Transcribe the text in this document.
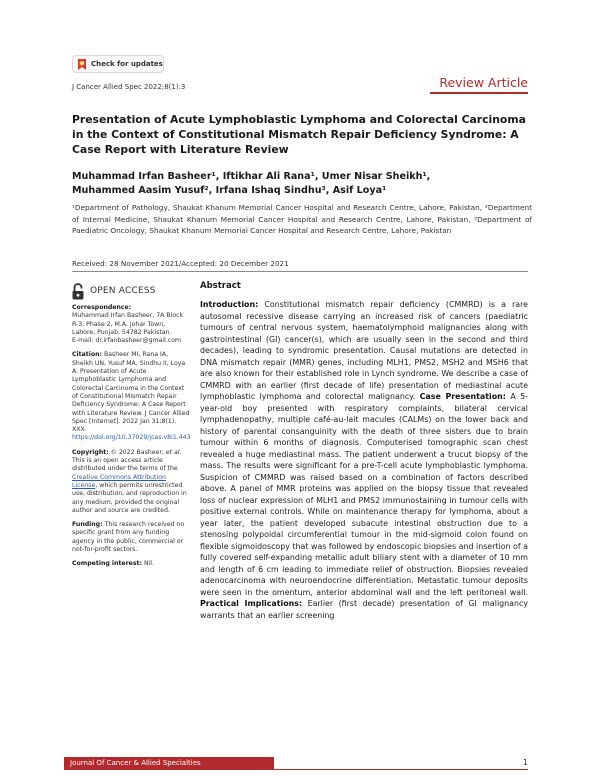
Check for updates
J Cancer Allied Spec 2022;8(1):3	Review Article
Presentation of Acute Lymphoblastic Lymphoma and Colorectal Carcinoma in the Context of Constitutional Mismatch Repair Deficiency Syndrome: A Case Report with Literature Review
Muhammad Irfan Basheer¹, Iftikhar Ali Rana¹, Umer Nisar Sheikh¹,
Muhammed Aasim Yusuf², Irfana Ishaq Sindhu³, Asif Loya¹
¹Department of Pathology, Shaukat Khanum Memorial Cancer Hospital and Research Centre, Lahore, Pakistan, ²Department of Internal Medicine, Shaukat Khanum Memorial Cancer Hospital and Research Centre, Lahore, Pakistan, ³Department of Paediatric Oncology, Shaukat Khanum Memorial Cancer Hospital and Research Centre, Lahore, Pakistan
Received: 28 November 2021/Accepted: 20 December 2021
OPEN ACCESS
Correspondence:
Muhammad Irfan Basheer, 7A Block R-3, Phase 2, M.A. Johar Town, Lahore, Punjab, 54782 Pakistan.
E-mail: dr.irfanbasheer@gmail.com
Citation: Basheer MI, Rana IA, Sheikh UN, Yusuf MA, Sindhu II, Loya A. Presentation of Acute Lymphoblastic Lymphoma and Colorectal Carcinoma in the Context of Constitutional Mismatch Repair Deficiency Syndrome: A Case Report with Literature Review. J Cancer Allied Spec [Internet]. 2022 Jan 31;8(1). XXX.
https://doi.org/10.37029/jcas.v8i1.443
Copyright: © 2022 Basheer, et al. This is an open access article distributed under the terms of the Creative Commons Attribution License, which permits unrestricted use, distribution, and reproduction in any medium, provided the original author and source are credited.
Funding: This research received no specific grant from any funding agency in the public, commercial or not-for-profit sectors.
Competing interest: Nil.
Abstract

Introduction: Constitutional mismatch repair deficiency (CMMRD) is a rare autosomal recessive disease carrying an increased risk of cancers (paediatric tumours of central nervous system, haematolymphoid malignancies along with gastrointestinal (GI) cancer(s), which are usually seen in the second and third decades), leading to syndromic presentation. Causal mutations are detected in DNA mismatch repair (MMR) genes, including MLH1, PMS2, MSH2 and MSH6 that are also known for their established role in Lynch syndrome. We describe a case of CMMRD with an earlier (first decade of life) presentation of mediastinal acute lymphoblastic lymphoma and colorectal malignancy. Case Presentation: A 5-year-old boy presented with respiratory complaints, bilateral cervical lymphadenopathy, multiple café-au-lait macules (CALMs) on the lower back and history of parental consanguinity with the death of three sisters due to brain tumour within 6 months of diagnosis. Computerised tomographic scan chest revealed a huge mediastinal mass. The patient underwent a trucut biopsy of the mass. The results were significant for a pre-T-cell acute lymphoblastic lymphoma. Suspicion of CMMRD was raised based on a combination of factors described above. A panel of MMR proteins was applied on the biopsy tissue that revealed loss of nuclear expression of MLH1 and PMS2 immunostaining in tumour cells with positive external controls. While on maintenance therapy for lymphoma, about a year later, the patient developed subacute intestinal obstruction due to a stenosing polypoidal circumferential tumour in the mid-sigmoid colon found on flexible sigmoidoscopy that was followed by endoscopic biopsies and insertion of a fully covered self-expanding metallic adult biliary stent with a diameter of 10 mm and length of 6 cm leading to immediate relief of obstruction. Biopsies revealed adenocarcinoma with neuroendocrine differentiation. Metastatic tumour deposits were seen in the omentum, anterior abdominal wall and the left peritoneal wall. Practical Implications: Earlier (first decade) presentation of GI malignancy warrants that an earlier screening

Journal Of Cancer & Allied Specialties	1
